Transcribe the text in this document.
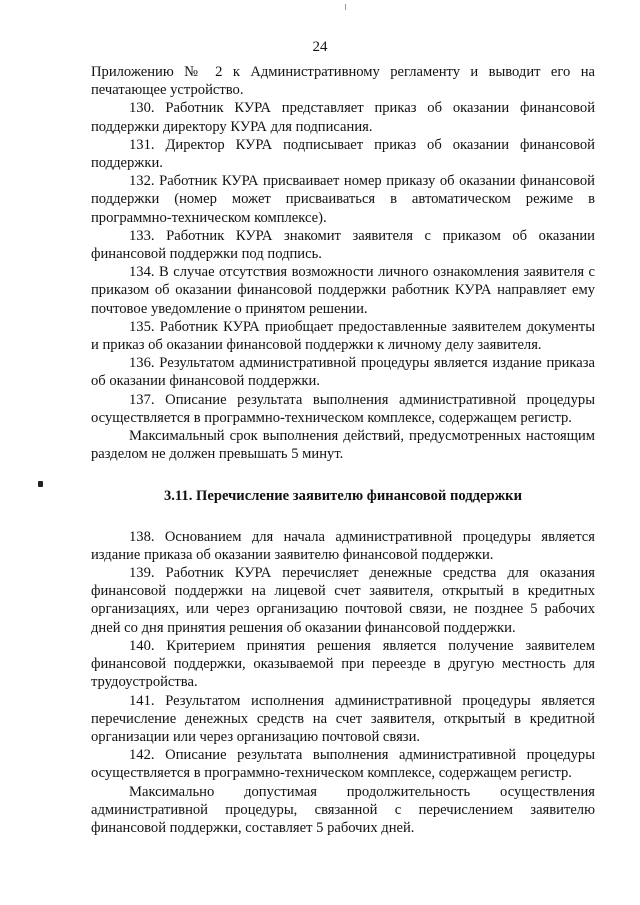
24

Приложению № 2 к Административному регламенту и выводит его на печатающее устройство.

130. Работник КУРА представляет приказ об оказании финансовой поддержки директору КУРА для подписания.

131. Директор КУРА подписывает приказ об оказании финансовой поддержки.

132. Работник КУРА присваивает номер приказу об оказании финансовой поддержки (номер может присваиваться в автоматическом режиме в программно-техническом комплексе).

133. Работник КУРА знакомит заявителя с приказом об оказании финансовой поддержки под подпись.

134. В случае отсутствия возможности личного ознакомления заявителя с приказом об оказании финансовой поддержки работник КУРА направляет ему почтовое уведомление о принятом решении.

135. Работник КУРА приобщает предоставленные заявителем документы и приказ об оказании финансовой поддержки к личному делу заявителя.

136. Результатом административной процедуры является издание приказа об оказании финансовой поддержки.

137. Описание результата выполнения административной процедуры осуществляется в программно-техническом комплексе, содержащем регистр.

Максимальный срок выполнения действий, предусмотренных настоящим разделом не должен превышать 5 минут.

3.11. Перечисление заявителю финансовой поддержки

138. Основанием для начала административной процедуры является издание приказа об оказании заявителю финансовой поддержки.

139. Работник КУРА перечисляет денежные средства для оказания финансовой поддержки на лицевой счет заявителя, открытый в кредитных организациях, или через организацию почтовой связи, не позднее 5 рабочих дней со дня принятия решения об оказании финансовой поддержки.

140. Критерием принятия решения является получение заявителем финансовой поддержки, оказываемой при переезде в другую местность для трудоустройства.

141. Результатом исполнения административной процедуры является перечисление денежных средств на счет заявителя, открытый в кредитной организации или через организацию почтовой связи.

142. Описание результата выполнения административной процедуры осуществляется в программно-техническом комплексе, содержащем регистр.

Максимально допустимая продолжительность осуществления административной процедуры, связанной с перечислением заявителю финансовой поддержки, составляет 5 рабочих дней.
